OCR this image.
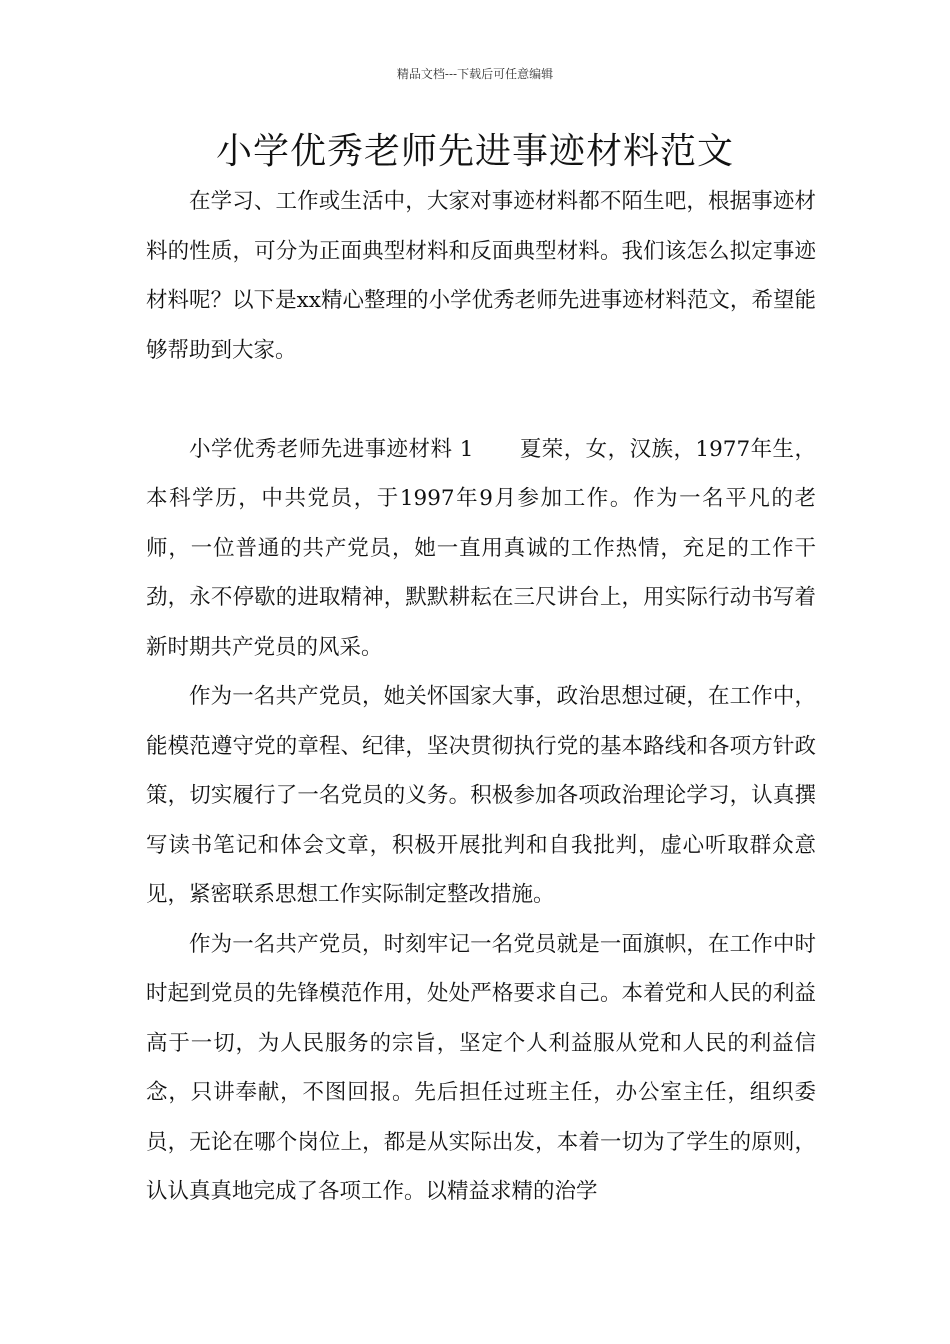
精品文档---下载后可任意编辑
小学优秀老师先进事迹材料范文

在学习、工作或生活中，大家对事迹材料都不陌生吧，根据事迹材料的性质，可分为正面典型材料和反面典型材料。我们该怎么拟定事迹材料呢？以下是xx精心整理的小学优秀老师先进事迹材料范文，希望能够帮助到大家。

小学优秀老师先进事迹材料 1 夏荣，女，汉族，1977年生，本科学历，中共党员，于1997年9月参加工作。作为一名平凡的老师，一位普通的共产党员，她一直用真诚的工作热情，充足的工作干劲，永不停歇的进取精神，默默耕耘在三尺讲台上，用实际行动书写着新时期共产党员的风采。

作为一名共产党员，她关怀国家大事，政治思想过硬，在工作中，能模范遵守党的章程、纪律，坚决贯彻执行党的基本路线和各项方针政策，切实履行了一名党员的义务。积极参加各项政治理论学习，认真撰写读书笔记和体会文章，积极开展批判和自我批判，虚心听取群众意见，紧密联系思想工作实际制定整改措施。

作为一名共产党员，时刻牢记一名党员就是一面旗帜，在工作中时时起到党员的先锋模范作用，处处严格要求自己。本着党和人民的利益高于一切，为人民服务的宗旨，坚定个人利益服从党和人民的利益信念，只讲奉献，不图回报。先后担任过班主任，办公室主任，组织委员，无论在哪个岗位上，都是从实际出发，本着一切为了学生的原则，认认真真地完成了各项工作。以精益求精的治学
